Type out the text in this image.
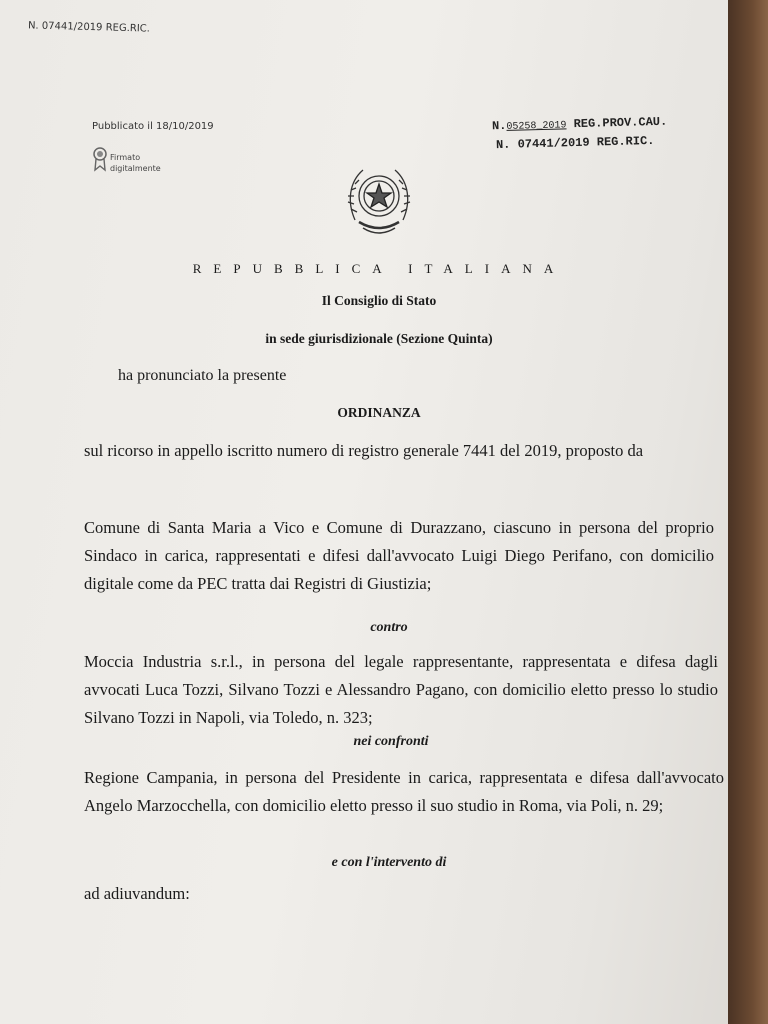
N. 07441/2019 REG.RIC.
Pubblicato il 18/10/2019
Firmato
digitalmente
N.05258_2019 REG.PROV.CAU.
N. 07441/2019 REG.RIC.
REPUBBLICA ITALIANA
Il Consiglio di Stato
in sede giurisdizionale (Sezione Quinta)
ha pronunciato la presente
ORDINANZA
sul ricorso in appello iscritto numero di registro generale 7441 del 2019, proposto da
Comune di Santa Maria a Vico e Comune di Durazzano, ciascuno in persona del proprio Sindaco in carica, rappresentati e difesi dall'avvocato Luigi Diego Perifano, con domicilio digitale come da PEC tratta dai Registri di Giustizia;
contro
Moccia Industria s.r.l., in persona del legale rappresentante, rappresentata e difesa dagli avvocati Luca Tozzi, Silvano Tozzi e Alessandro Pagano, con domicilio eletto presso lo studio Silvano Tozzi in Napoli, via Toledo, n. 323;
nei confronti
Regione Campania, in persona del Presidente in carica, rappresentata e difesa dall'avvocato Angelo Marzocchella, con domicilio eletto presso il suo studio in Roma, via Poli, n. 29;
e con l'intervento di
ad adiuvandum:
